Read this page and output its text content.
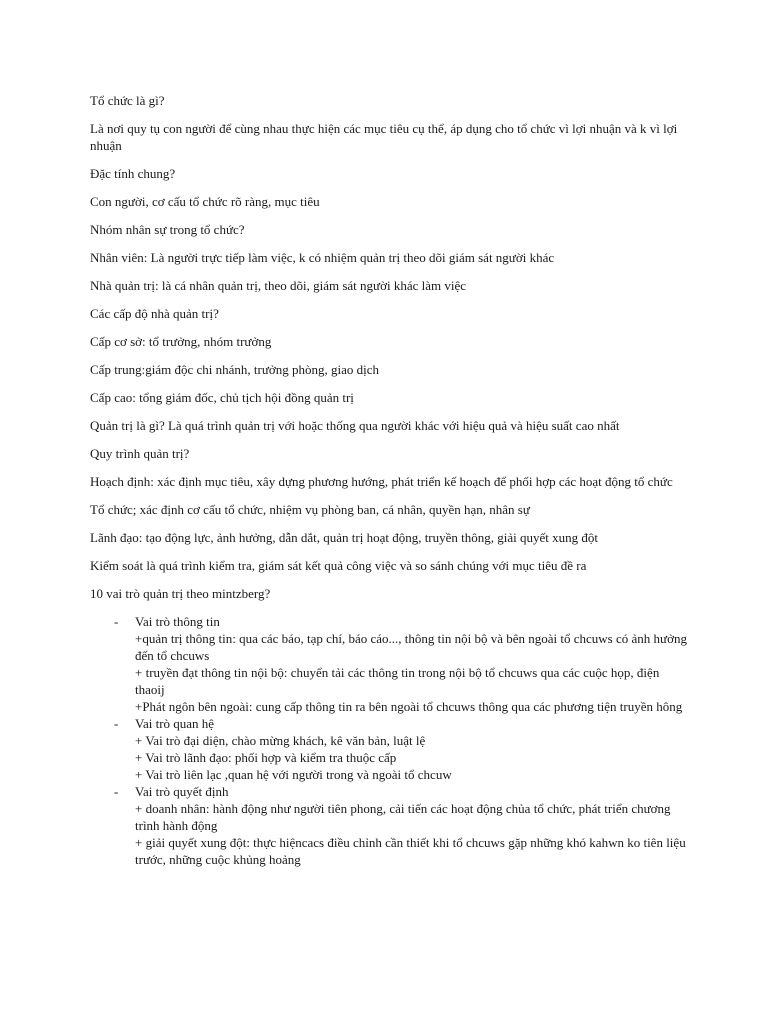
Tổ chức là gì?

Là nơi quy tụ con người để cùng nhau thực hiện các mục tiêu cụ thể, áp dụng cho tổ chức vì lợi nhuận và k vì lợi nhuận

Đặc tính chung?

Con người, cơ cấu tổ chức rõ ràng, mục tiêu

Nhóm nhân sự trong tổ chức?

Nhân viên: Là người trực tiếp làm việc, k có nhiệm quản trị theo dõi giám sát người khác

Nhà quản trị: là cá nhân quản trị, theo dõi, giám sát người khác làm việc

Các cấp độ nhà quản trị?

Cấp cơ sở: tổ trưởng, nhóm trưởng

Cấp trung:giám độc chi nhánh, trưởng phòng, giao dịch

Cấp cao: tổng giám đốc, chủ tịch hội đồng quản trị

Quản trị là gì? Là quá trình quản trị với hoặc thống qua người khác với hiệu quả và hiệu suất cao nhất

Quy trình quản trị?

Hoạch định: xác định mục tiêu, xây dựng phương hướng, phát triển kế hoạch để phối hợp các hoạt động tổ chức

Tổ chức; xác định cơ cấu tổ chức, nhiệm vụ phòng ban, cá nhân, quyền hạn, nhân sự

Lãnh đạo: tạo động lực, ảnh hưởng, dẫn dắt, quản trị hoạt động, truyền thông, giải quyết xung đột

Kiểm soát là quá trình kiểm tra, giám sát kết quả công việc và so sánh chúng với mục tiêu đề ra

10 vai trò quản trị theo mintzberg?

- Vai trò thông tin

+quản trị thông tin: qua các báo, tạp chí, báo cáo..., thông tin nội bộ và bên ngoài tổ chcuws có ảnh hưởng đến tổ chcuws

+ truyền đạt thông tin nội bộ: chuyển tải các thông tin trong nội bộ tổ chcuws qua các cuộc họp, điện thaoij

+Phát ngôn bên ngoài: cung cấp thông tin ra bên ngoài tổ chcuws thông qua các phương tiện truyền hông

- Vai trò quan hệ

+ Vai trò đại diện, chào mừng khách, kê văn bản, luật lệ

+ Vai trò lãnh đạo: phối hợp và kiểm tra thuộc cấp

+ Vai trò liên lạc ,quan hệ với người trong và ngoài tổ chcuw

- Vai trò quyết định

+ doanh nhân: hành động như người tiên phong, cải tiến các hoạt động chủa tổ chức, phát triển chương trình hành động

+ giải quyết xung đột: thực hiệncacs điều chỉnh cần thiết khi tổ chcuws gặp những khó kahwn ko tiên liệu trước, những cuộc khủng hoảng
